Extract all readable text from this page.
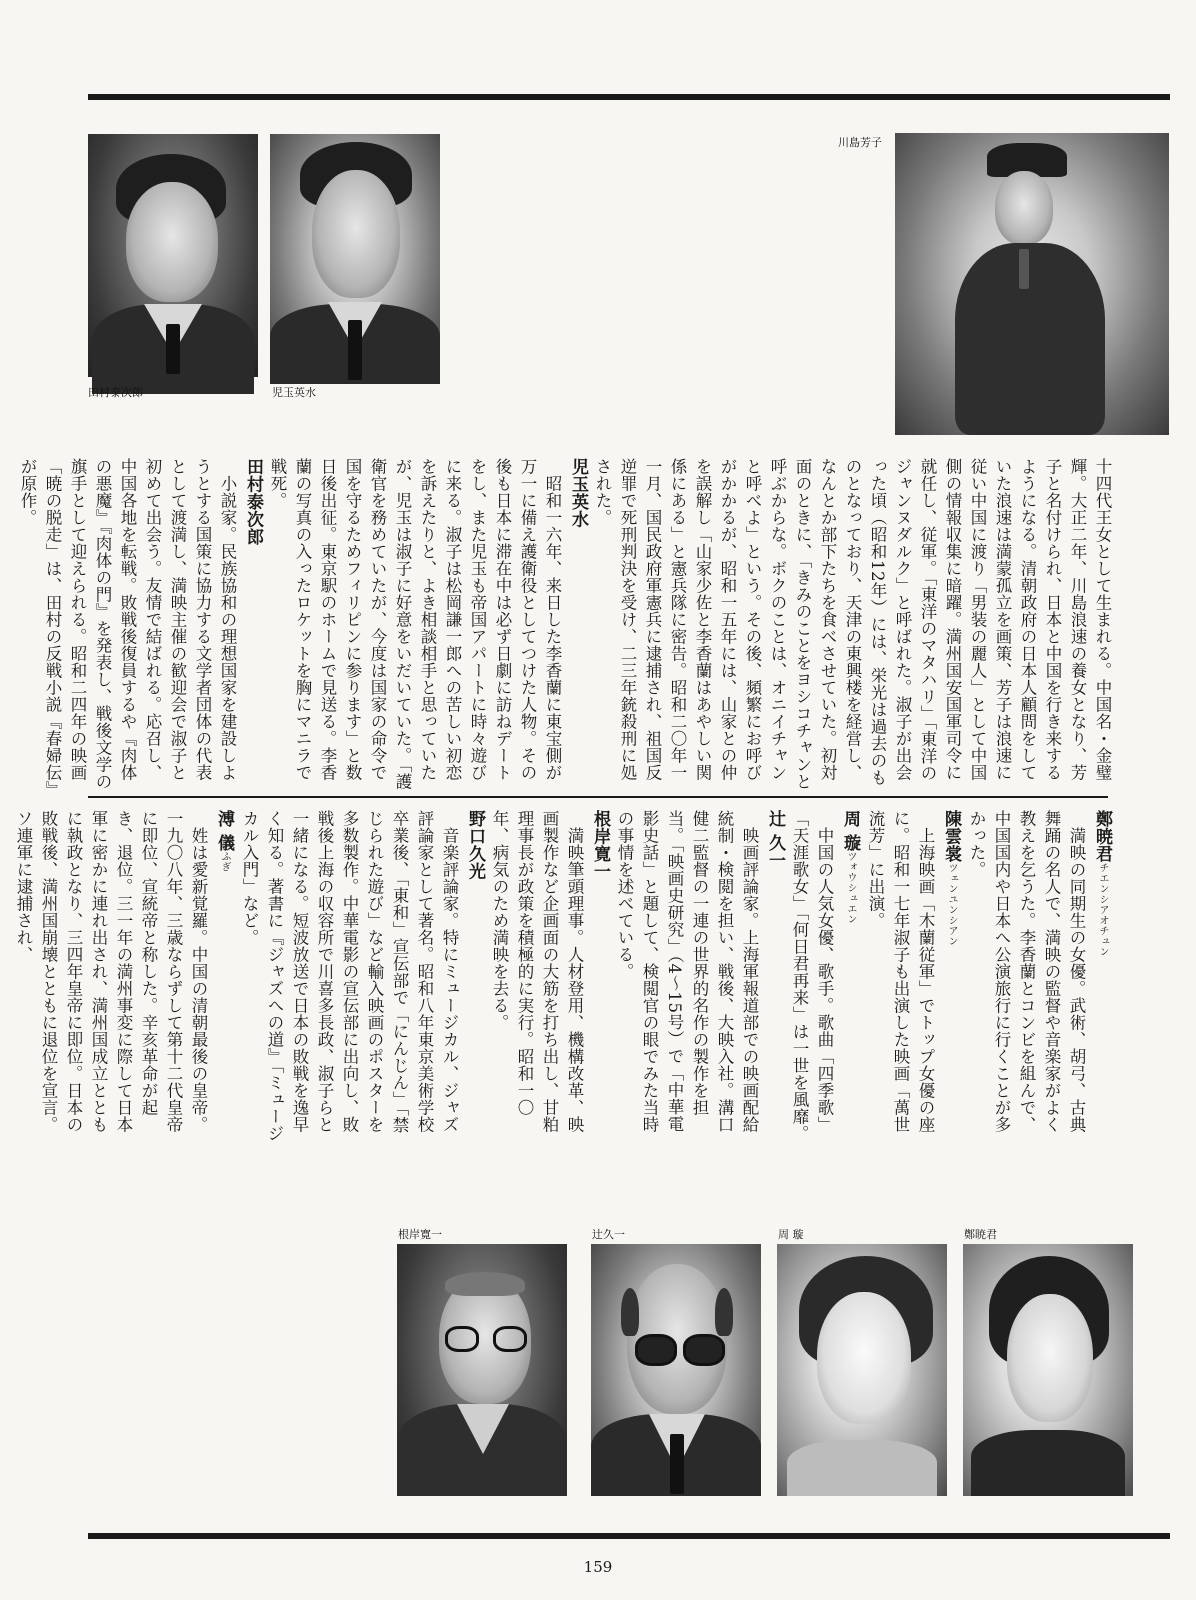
田村泰次郎	児玉英水
川島芳子

十四代王女として生まれる。中国名・金璧輝。大正二年、川島浪速の養女となり、芳子と名付けられ、日本と中国を行き来するようになる。清朝政府の日本人顧問をしていた浪速は満蒙孤立を画策、芳子は浪速に従い中国に渡り「男装の麗人」として中国側の情報収集に暗躍。満州国安国軍司令に就任し、従軍。「東洋のマタハリ」「東洋のジャンヌダルク」と呼ばれた。淑子が出会った頃（昭和12年）には、栄光は過去のものとなっており、天津の東興楼を経営し、なんとか部下たちを食べさせていた。初対面のときに、「きみのことをヨシコチャンと呼ぶからな。ボクのことは、オニイチャンと呼べよ」という。その後、頻繁にお呼びがかかるが、昭和一五年には、山家との仲を誤解し「山家少佐と李香蘭はあやしい関係にある」と憲兵隊に密告。昭和二〇年一一月、国民政府軍憲兵に逮捕され、祖国反逆罪で死刑判決を受け、二三年銃殺刑に処された。

児玉英水

昭和一六年、来日した李香蘭に東宝側が万一に備え護衛役としてつけた人物。その後も日本に滞在中は必ず日劇に訪ねデートをし、また児玉も帝国アパートに時々遊びに来る。淑子は松岡謙一郎への苦しい初恋を訴えたりと、よき相談相手と思っていたが、児玉は淑子に好意をいだいていた。「護衛官を務めていたが、今度は国家の命令で国を守るためフィリピンに参ります」と数日後出征。東京駅のホームで見送る。李香蘭の写真の入ったロケットを胸にマニラで戦死。

田村泰次郎

小説家。民族協和の理想国家を建設しようとする国策に協力する文学者団体の代表として渡満し、満映主催の歓迎会で淑子と初めて出会う。友情で結ばれる。応召し、中国各地を転戦。敗戦後復員するや『肉体の悪魔』『肉体の門』を発表し、戦後文学の旗手として迎えられる。昭和二四年の映画「暁の脱走」は、田村の反戦小説『春婦伝』が原作。

鄭暁君チエンシアオチュン

満映の同期生の女優。武術、胡弓、古典舞踊の名人で、満映の監督や音楽家がよく教えを乞うた。李香蘭とコンビを組んで、中国国内や日本へ公演旅行に行くことが多かった。

陳雲裳ツェンユンシアン

上海映画「木蘭従軍」でトップ女優の座に。昭和一七年淑子も出演した映画「萬世流芳」に出演。

周 璇ツォウシュエン

中国の人気女優、歌手。歌曲「四季歌」「天涯歌女」「何日君再来」は一世を風靡。

辻 久一

映画評論家。上海軍報道部での映画配給統制・検閲を担い、戦後、大映入社。溝口健二監督の一連の世界的名作の製作を担当。「映画史研究」（4～15号）で「中華電影史話」と題して、検閲官の眼でみた当時の事情を述べている。

根岸寛一

満映筆頭理事。人材登用、機構改革、映画製作など企画面の大筋を打ち出し、甘粕理事長が政策を積極的に実行。昭和一〇年、病気のため満映を去る。

野口久光

音楽評論家。特にミュージカル、ジャズ評論家として著名。昭和八年東京美術学校卒業後、「東和」宣伝部で「にんじん」「禁じられた遊び」など輸入映画のポスターを多数製作。中華電影の宣伝部に出向し、敗戦後上海の収容所で川喜多長政、淑子らと一緒になる。短波放送で日本の敗戦を逸早く知る。著書に『ジャズへの道』「ミュージカル入門」など。

溥 儀ふぎ

姓は愛新覚羅。中国の清朝最後の皇帝。一九〇八年、三歳ならずして第十二代皇帝に即位、宣統帝と称した。辛亥革命が起き、退位。三一年の満州事変に際して日本軍に密かに連れ出され、満州国成立とともに執政となり、三四年皇帝に即位。日本の敗戦後、満州国崩壊とともに退位を宣言。ソ連軍に逮捕され、

根岸寛一	辻久一	周 璇	鄭暁君
159
